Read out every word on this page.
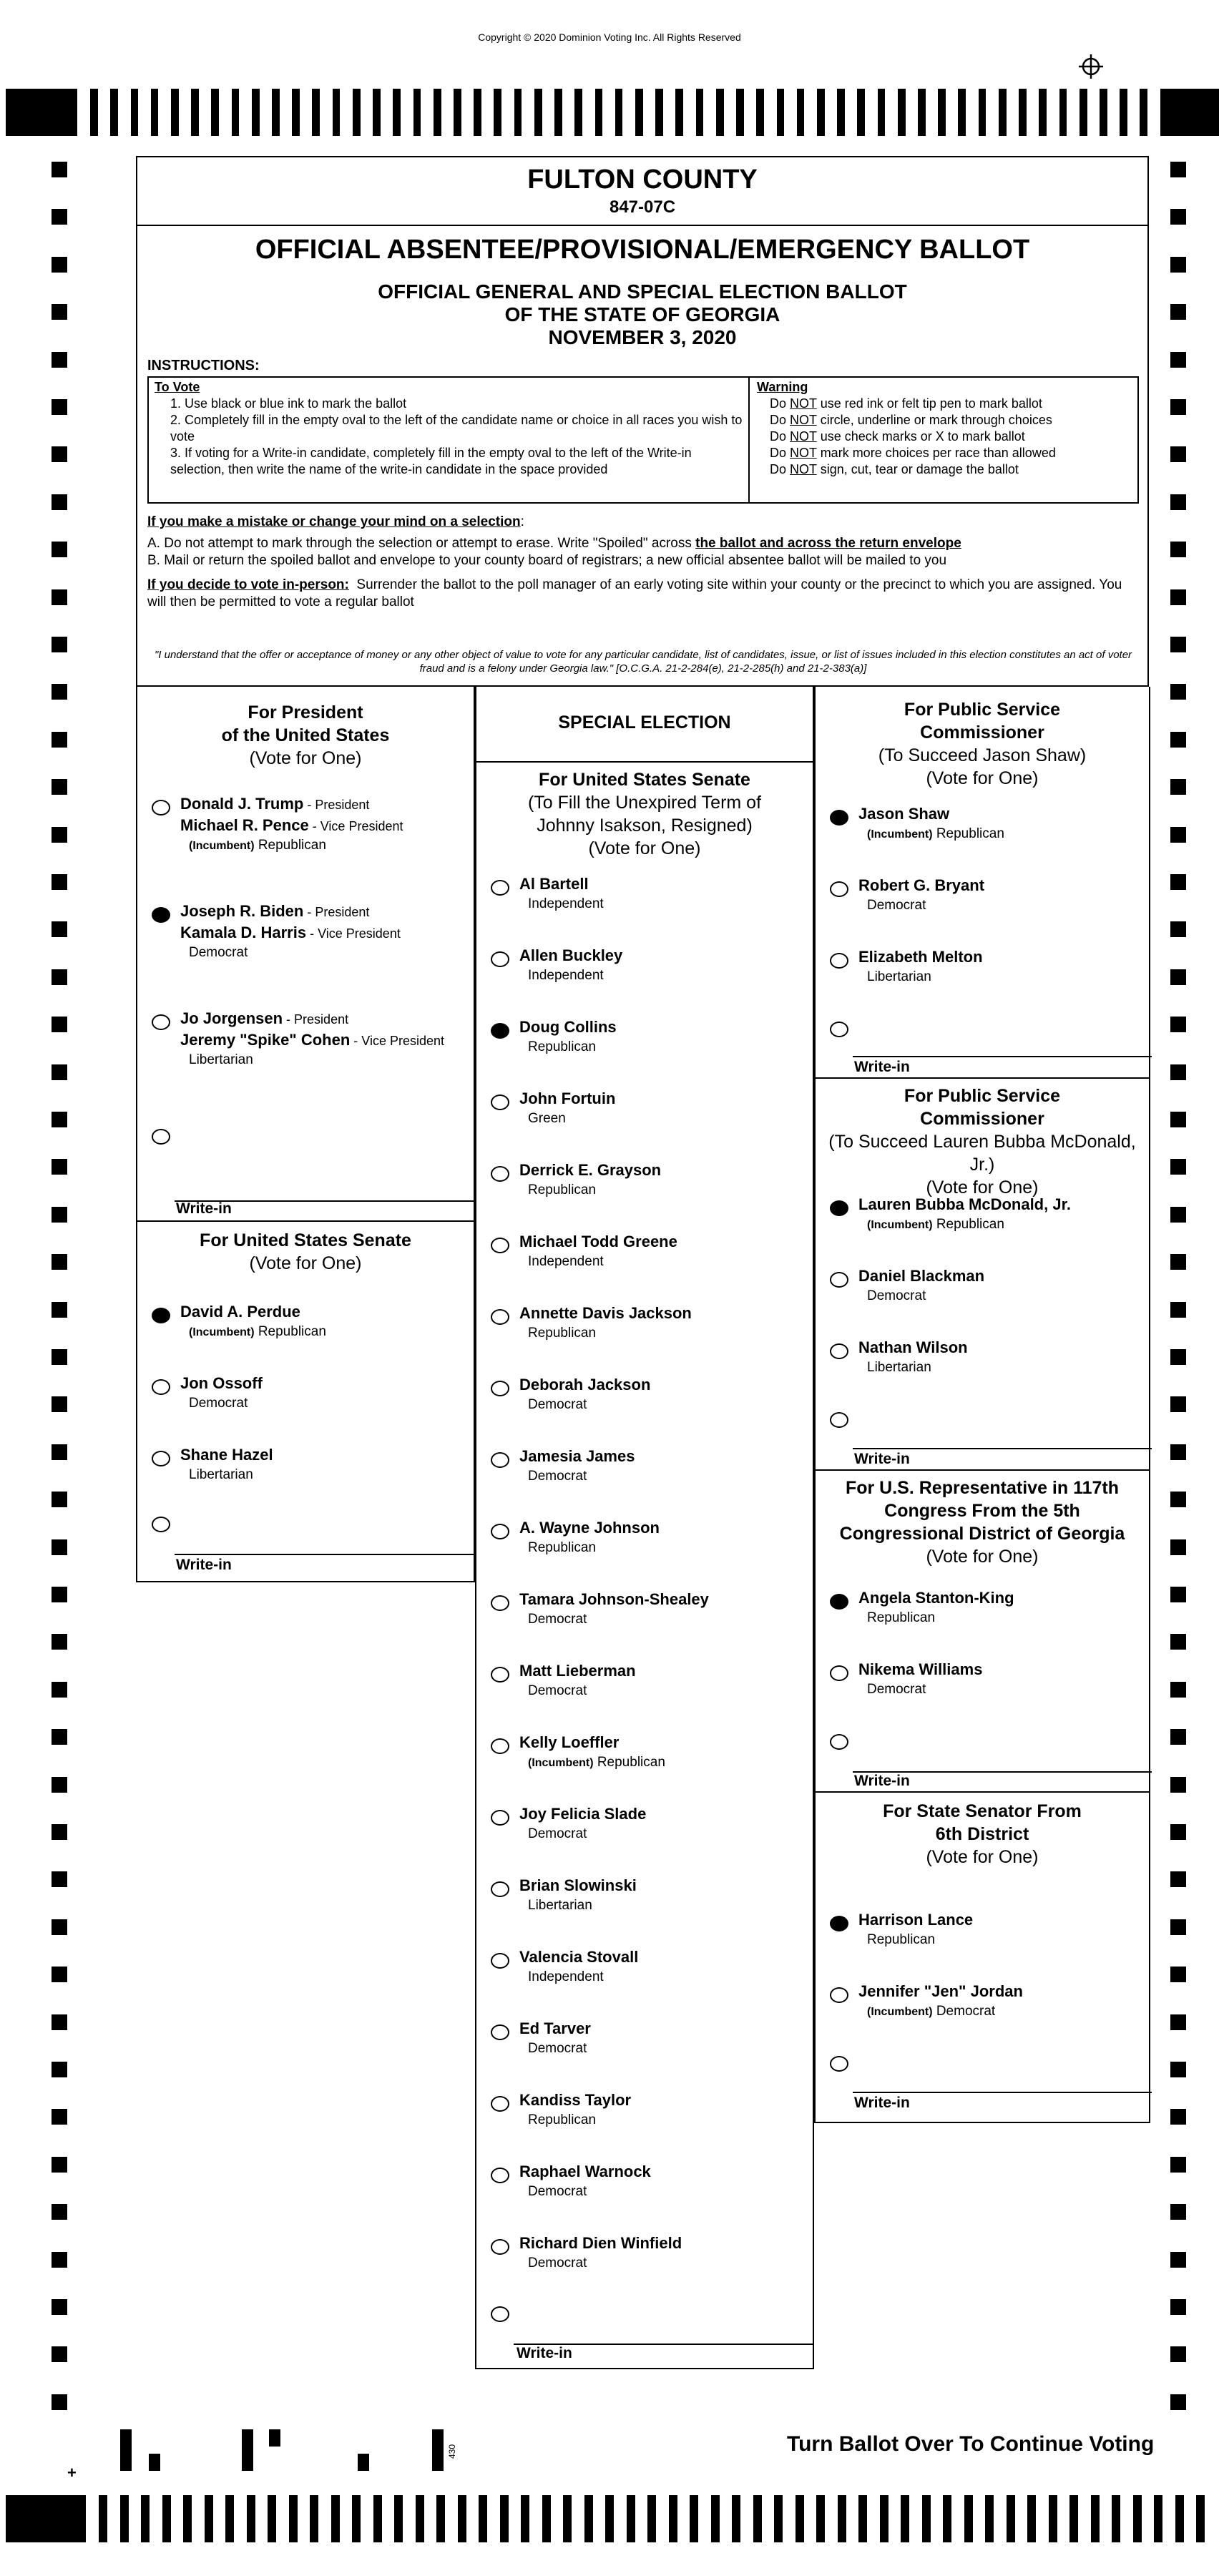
Copyright © 2020 Dominion Voting Inc. All Rights Reserved
FULTON COUNTY
847-07C
OFFICIAL ABSENTEE/PROVISIONAL/EMERGENCY BALLOT
OFFICIAL GENERAL AND SPECIAL ELECTION BALLOT
OF THE STATE OF GEORGIA
NOVEMBER 3, 2020
INSTRUCTIONS:
To Vote
1. Use black or blue ink to mark the ballot
2. Completely fill in the empty oval to the left of the candidate name or choice in all races you wish to vote
3. If voting for a Write-in candidate, completely fill in the empty oval to the left of the Write-in selection, then write the name of the write-in candidate in the space provided
Warning
Do NOT use red ink or felt tip pen to mark ballot
Do NOT circle, underline or mark through choices
Do NOT use check marks or X to mark ballot
Do NOT mark more choices per race than allowed
Do NOT sign, cut, tear or damage the ballot
If you make a mistake or change your mind on a selection:
A. Do not attempt to mark through the selection or attempt to erase. Write "Spoiled" across the ballot and across the return envelope
B. Mail or return the spoiled ballot and envelope to your county board of registrars; a new official absentee ballot will be mailed to you
If you decide to vote in-person: Surrender the ballot to the poll manager of an early voting site within your county or the precinct to which you are assigned. You will then be permitted to vote a regular ballot
"I understand that the offer or acceptance of money or any other object of value to vote for any particular candidate, list of candidates, issue, or list of issues included in this election constitutes an act of voter fraud and is a felony under Georgia law." [O.C.G.A. 21-2-284(e), 21-2-285(h) and 21-2-383(a)]
For President
of the United States
(Vote for One)
Donald J. Trump - President
Michael R. Pence - Vice President
(Incumbent) Republican
Joseph R. Biden - President
Kamala D. Harris - Vice President
Democrat
Jo Jorgensen - President
Jeremy "Spike" Cohen - Vice President
Libertarian
Write-in
For United States Senate
(Vote for One)
David A. Perdue
(Incumbent) Republican
Jon Ossoff
Democrat
Shane Hazel
Libertarian
Write-in
SPECIAL ELECTION
For United States Senate
(To Fill the Unexpired Term of
Johnny Isakson, Resigned)
(Vote for One)
Al Bartell
Independent
Allen Buckley
Independent
Doug Collins
Republican
John Fortuin
Green
Derrick E. Grayson
Republican
Michael Todd Greene
Independent
Annette Davis Jackson
Republican
Deborah Jackson
Democrat
Jamesia James
Democrat
A. Wayne Johnson
Republican
Tamara Johnson-Shealey
Democrat
Matt Lieberman
Democrat
Kelly Loeffler
(Incumbent) Republican
Joy Felicia Slade
Democrat
Brian Slowinski
Libertarian
Valencia Stovall
Independent
Ed Tarver
Democrat
Kandiss Taylor
Republican
Raphael Warnock
Democrat
Richard Dien Winfield
Democrat
Write-in
For Public Service
Commissioner
(To Succeed Jason Shaw)
(Vote for One)
Jason Shaw
(Incumbent) Republican
Robert G. Bryant
Democrat
Elizabeth Melton
Libertarian
Write-in
For Public Service
Commissioner
(To Succeed Lauren Bubba McDonald, Jr.)
(Vote for One)
Lauren Bubba McDonald, Jr.
(Incumbent) Republican
Daniel Blackman
Democrat
Nathan Wilson
Libertarian
Write-in
For U.S. Representative in 117th
Congress From the 5th
Congressional District of Georgia
(Vote for One)
Angela Stanton-King
Republican
Nikema Williams
Democrat
Write-in
For State Senator From
6th District
(Vote for One)
Harrison Lance
Republican
Jennifer "Jen" Jordan
(Incumbent) Democrat
Write-in
+
430	Turn Ballot Over To Continue Voting
